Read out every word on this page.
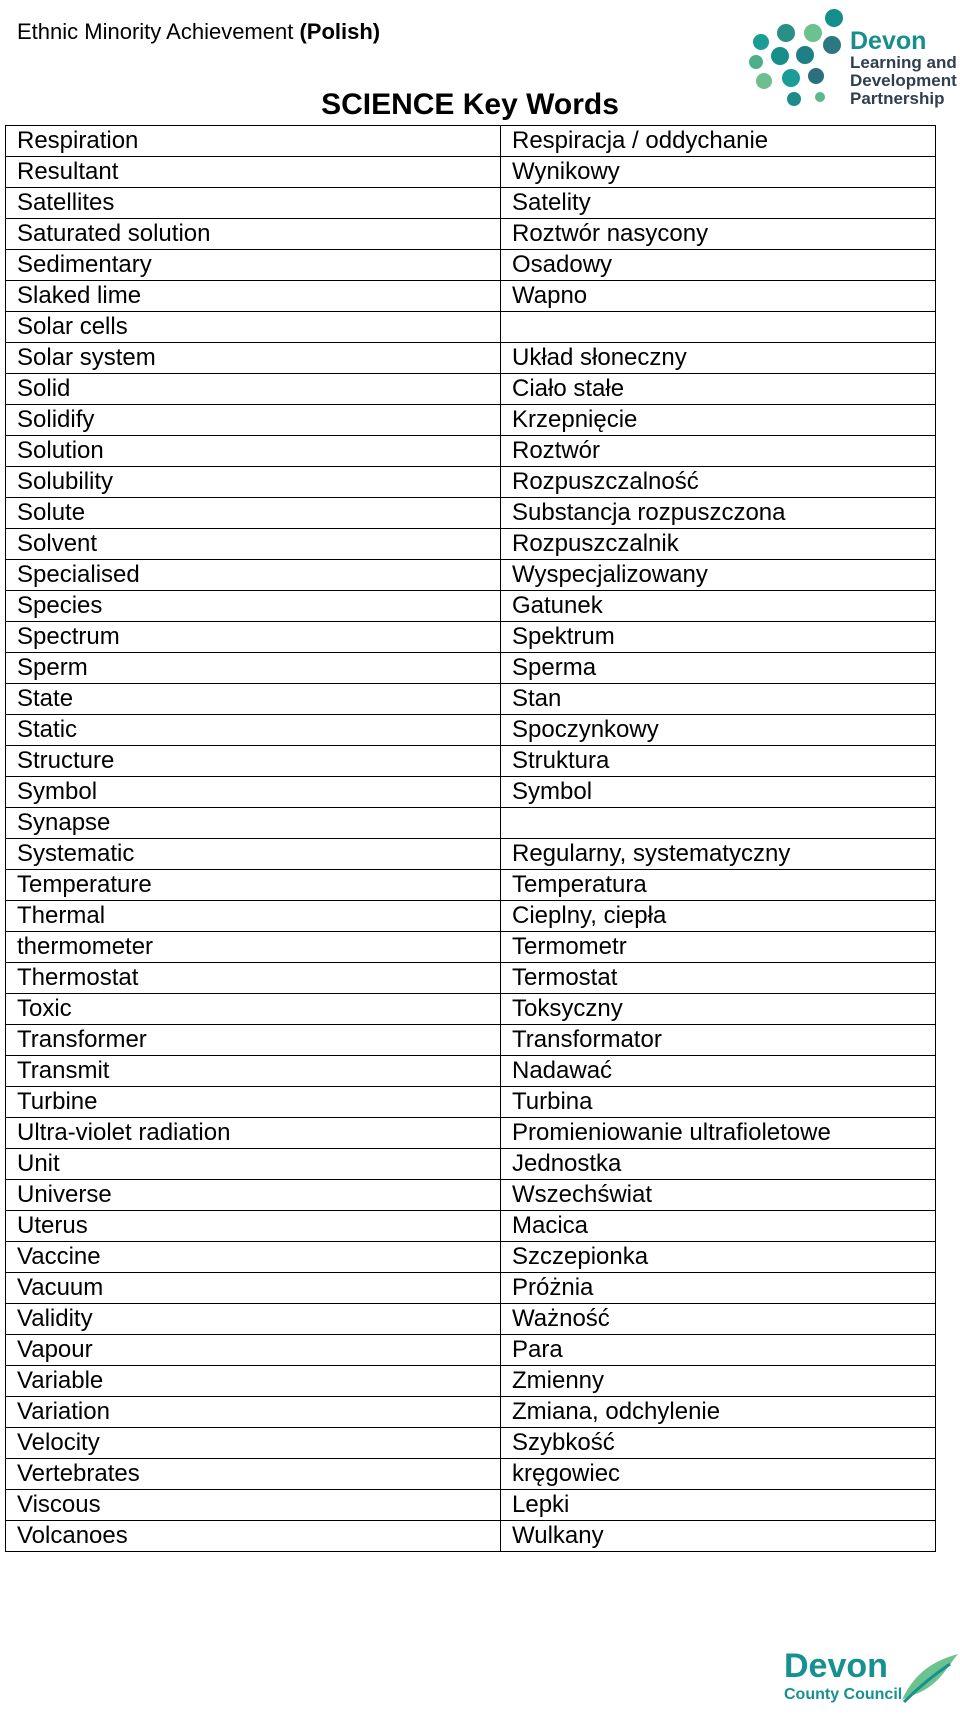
Ethnic Minority Achievement (Polish)	Devon
Learning and
Development
Partnership
SCIENCE Key Words
Respiration	Respiracja / oddychanie
Resultant	Wynikowy
Satellites	Satelity
Saturated solution	Roztwór nasycony
Sedimentary	Osadowy
Slaked lime	Wapno
Solar cells	
Solar system	Układ słoneczny
Solid	Ciało stałe
Solidify	Krzepnięcie
Solution	Roztwór
Solubility	Rozpuszczalność
Solute	Substancja rozpuszczona
Solvent	Rozpuszczalnik
Specialised	Wyspecjalizowany
Species	Gatunek
Spectrum	Spektrum
Sperm	Sperma
State	Stan
Static	Spoczynkowy
Structure	Struktura
Symbol	Symbol
Synapse	
Systematic	Regularny, systematyczny
Temperature	Temperatura
Thermal	Cieplny, ciepła
thermometer	Termometr
Thermostat	Termostat
Toxic	Toksyczny
Transformer	Transformator
Transmit	Nadawać
Turbine	Turbina
Ultra-violet radiation	Promieniowanie ultrafioletowe
Unit	Jednostka
Universe	Wszechświat
Uterus	Macica
Vaccine	Szczepionka
Vacuum	Próżnia
Validity	Ważność
Vapour	Para
Variable	Zmienny
Variation	Zmiana, odchylenie
Velocity	Szybkość
Vertebrates	kręgowiec
Viscous	Lepki
Volcanoes	Wulkany
Devon
County Council
